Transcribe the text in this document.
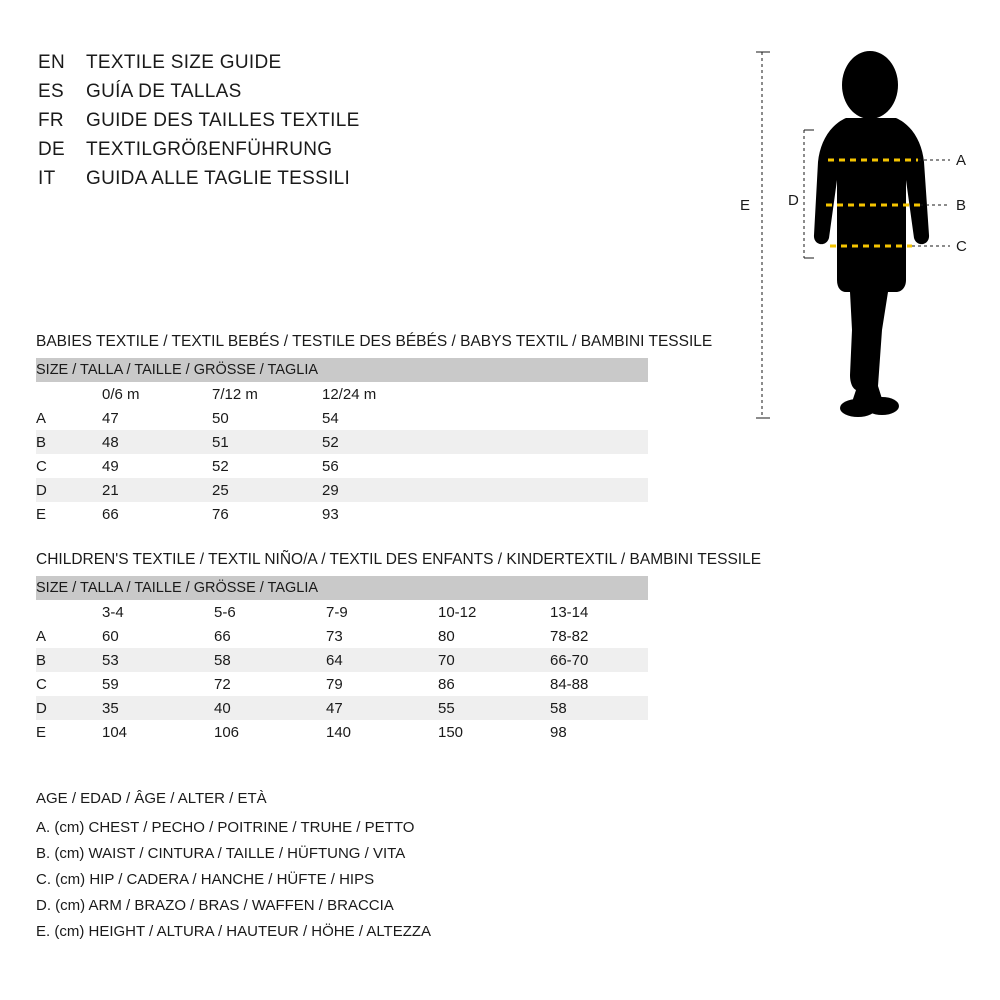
EN	TEXTILE SIZE GUIDE
ES	GUÍA DE TALLAS
FR	GUIDE DES TAILLES TEXTILE
DE	TEXTILGRÖßENFÜHRUNG
IT	GUIDA ALLE TAGLIE TESSILI
BABIES TEXTILE / TEXTIL BEBÉS / TESTILE DES BÉBÉS / BABYS TEXTIL / BAMBINI TESSILE
SIZE / TALLA / TAILLE / GRÖSSE / TAGLIA			
	0/6 m	7/12 m	12/24 m
A	47	50	54
B	48	51	52
C	49	52	56
D	21	25	29
E	66	76	93
CHILDREN'S TEXTILE / TEXTIL NIÑO/A / TEXTIL DES ENFANTS / KINDERTEXTIL / BAMBINI TESSILE
SIZE / TALLA / TAILLE / GRÖSSE / TAGLIA					
	3-4	5-6	7-9	10-12	13-14
A	60	66	73	80	78-82
B	53	58	64	70	66-70
C	59	72	79	86	84-88
D	35	40	47	55	58
E	104	106	140	150	98
AGE / EDAD / ÂGE / ALTER / ETÀ
A. (cm) CHEST / PECHO / POITRINE / TRUHE / PETTO
B. (cm) WAIST / CINTURA / TAILLE / HÜFTUNG / VITA
C. (cm) HIP / CADERA / HANCHE / HÜFTE / HIPS
D. (cm) ARM / BRAZO / BRAS / WAFFEN / BRACCIA
E. (cm) HEIGHT / ALTURA / HAUTEUR / HÖHE / ALTEZZA
A
B
C
D
E
